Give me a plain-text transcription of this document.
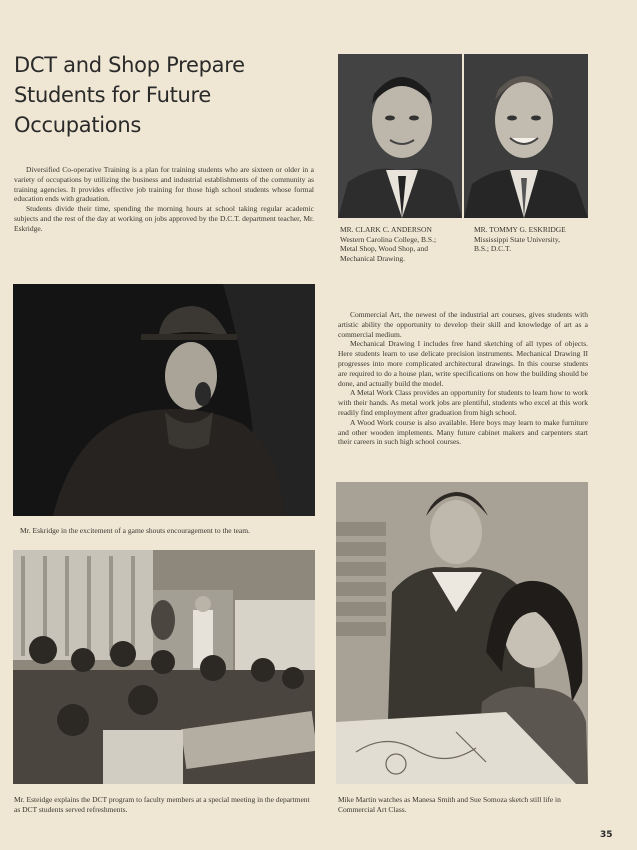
DCT and Shop Prepare
Students for Future
Occupations

Diversified Co-operative Training is a plan for training students who are sixteen or older in a variety of occupations by utilizing the business and industrial establishments of the community as training agencies. It provides effective job training for those high school students whose formal education ends with graduation.

Students divide their time, spending the morning hours at school taking regular academic subjects and the rest of the day at working on jobs approved by the D.C.T. department teacher, Mr. Eskridge.	MR. CLARK C. ANDERSON
Western Carolina College, B.S.;
Metal Shop, Wood Shop, and
Mechanical Drawing.
MR. TOMMY G. ESKRIDGE
Mississippi State University,
B.S.; D.C.T.
Mr. Eskridge in the excitement of a game shouts encouragement to the team.

Commercial Art, the newest of the industrial art courses, gives students with artistic ability the opportunity to develop their skill and knowledge of art as a commercial medium.

Mechanical Drawing I includes free hand sketching of all types of objects. Here students learn to use delicate precision instruments. Mechanical Drawing II progresses into more complicated architectural drawings. In this course students are required to do a house plan, write specifications on how the building should be done, and actually build the model.

A Metal Work Class provides an opportunity for students to learn how to work with their hands. As metal work jobs are plentiful, students who excel at this work readily find employment after graduation from high school.

A Wood Work course is also available. Here boys may learn to make furniture and other wooden implements. Many future cabinet makers and carpenters start their careers in such high school courses.

Mr. Esteidge explains the DCT program to faculty members at a special meeting in the department as DCT students served refreshments.
Mike Martin watches as Manesa Smith and Sue Somoza sketch still life in Commercial Art Class.
35
